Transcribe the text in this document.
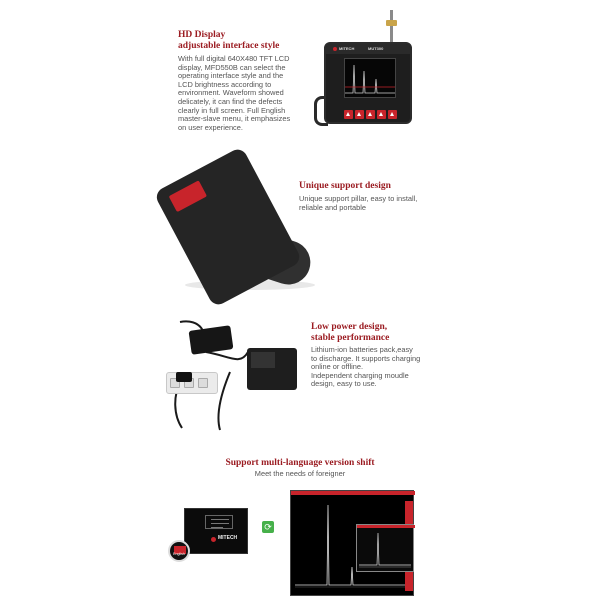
HD Display
adjustable interface style
With full digital 640X480 TFT LCD
display, MFD550B can select the
operating interface style and the
LCD brightness according to
environment. Waveform showed
delicately, it can find the defects
clearly in full screen. Full English
master-slave menu, it emphasizes
on user experience.
MITECH	MUT300
Unique support design
Unique support pillar, easy to install,
reliable and portable
Low power design,
stable performance
Lithium-ion batteries pack,easy
to discharge. It supports charging
online or offline.
Independent charging moudle
design, easy to use.
Support multi-language version shift
Meet the needs of foreigner
MITECH
English
⟳
